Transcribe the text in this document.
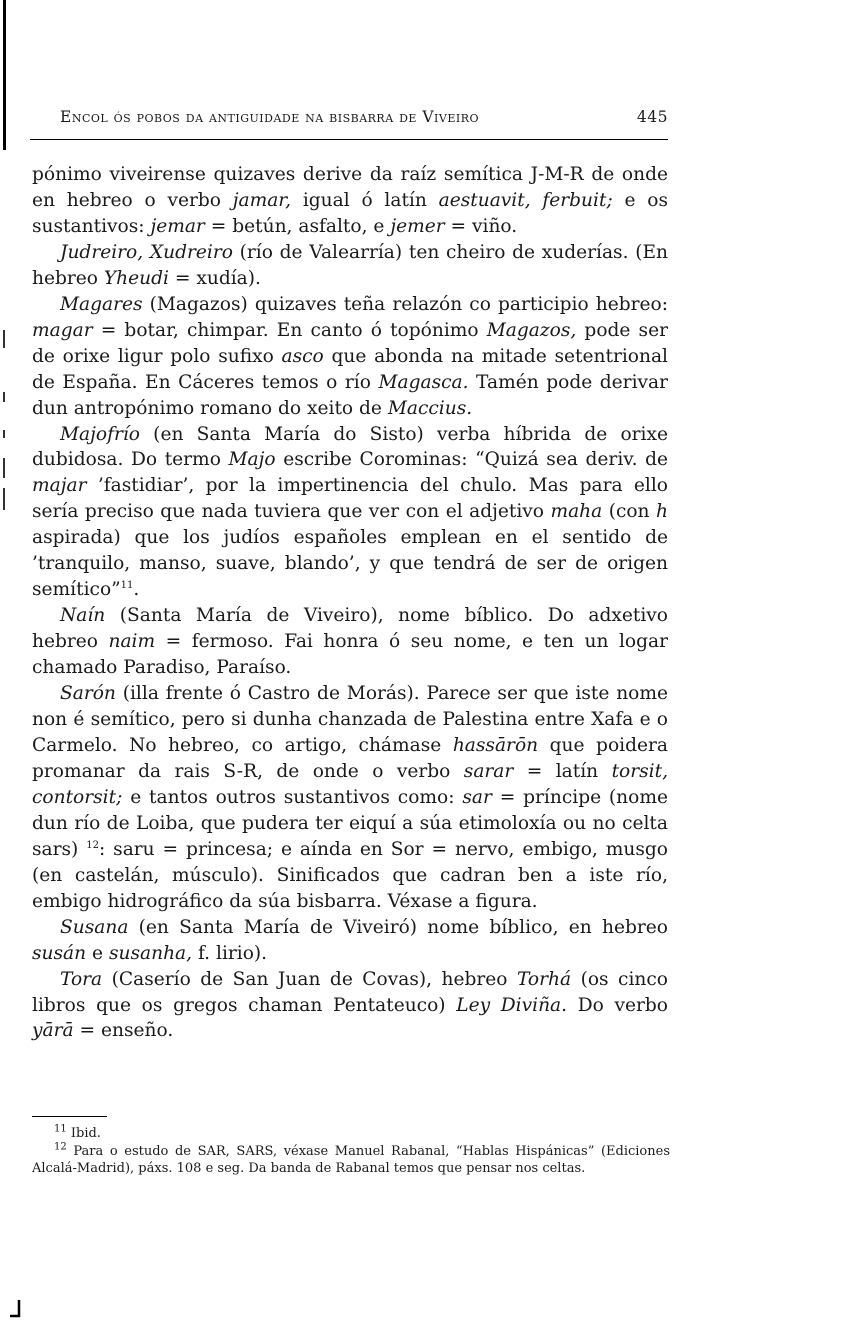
Encol ós pobos da antiguidade na bisbarra de Viveiro	445

pónimo viveirense quizaves derive da raíz semítica J-M-R de onde en hebreo o verbo jamar, igual ó latín aestuavit, ferbuit; e os sustantivos: jemar = betún, asfalto, e jemer = viño.

Judreiro, Xudreiro (río de Valearría) ten cheiro de xuderías. (En hebreo Yheudi = xudía).

Magares (Magazos) quizaves teña relazón co participio hebreo: magar = botar, chimpar. En canto ó topónimo Magazos, pode ser de orixe ligur polo sufixo asco que abonda na mitade setentrional de España. En Cáceres temos o río Magasca. Tamén pode derivar dun antropónimo romano do xeito de Maccius.

Majofrío (en Santa María do Sisto) verba híbrida de orixe dubidosa. Do termo Majo escribe Corominas: “Quizá sea deriv. de majar ’fastidiar’, por la impertinencia del chulo. Mas para ello sería preciso que nada tuviera que ver con el adjetivo maha (con h aspirada) que los judíos españoles emplean en el sentido de ’tranquilo, manso, suave, blando’, y que tendrá de ser de origen semítico”$^{11}$.

Naín (Santa María de Viveiro), nome bíblico. Do adxetivo hebreo naim = fermoso. Fai honra ó seu nome, e ten un logar chamado Paradiso, Paraíso.

Sarón (illa frente ó Castro de Morás). Parece ser que iste nome non é semítico, pero si dunha chanzada de Palestina entre Xafa e o Carmelo. No hebreo, co artigo, chámase hassārōn que poidera promanar da rais S-R, de onde o verbo sarar = latín torsit, contorsit; e tantos outros sustantivos como: sar = príncipe (nome dun río de Loiba, que pudera ter eiquí a súa etimoloxía ou no celta sars) $^{12}$: saru = princesa; e aínda en Sor = nervo, embigo, musgo (en castelán, músculo). Sinificados que cadran ben a iste río, embigo hidrográfico da súa bisbarra. Véxase a figura.

Susana (en Santa María de Viveiró) nome bíblico, en hebreo susán e susanha, f. lirio).

Tora (Caserío de San Juan de Covas), hebreo Torhá (os cinco libros que os gregos chaman Pentateuco) Ley Diviña. Do verbo yārā = enseño.

$^{11}$ Ibid.

$^{12}$ Para o estudo de SAR, SARS, véxase Manuel Rabanal, “Hablas Hispánicas” (Ediciones Alcalá-Madrid), páxs. 108 e seg. Da banda de Rabanal temos que pensar nos celtas.
